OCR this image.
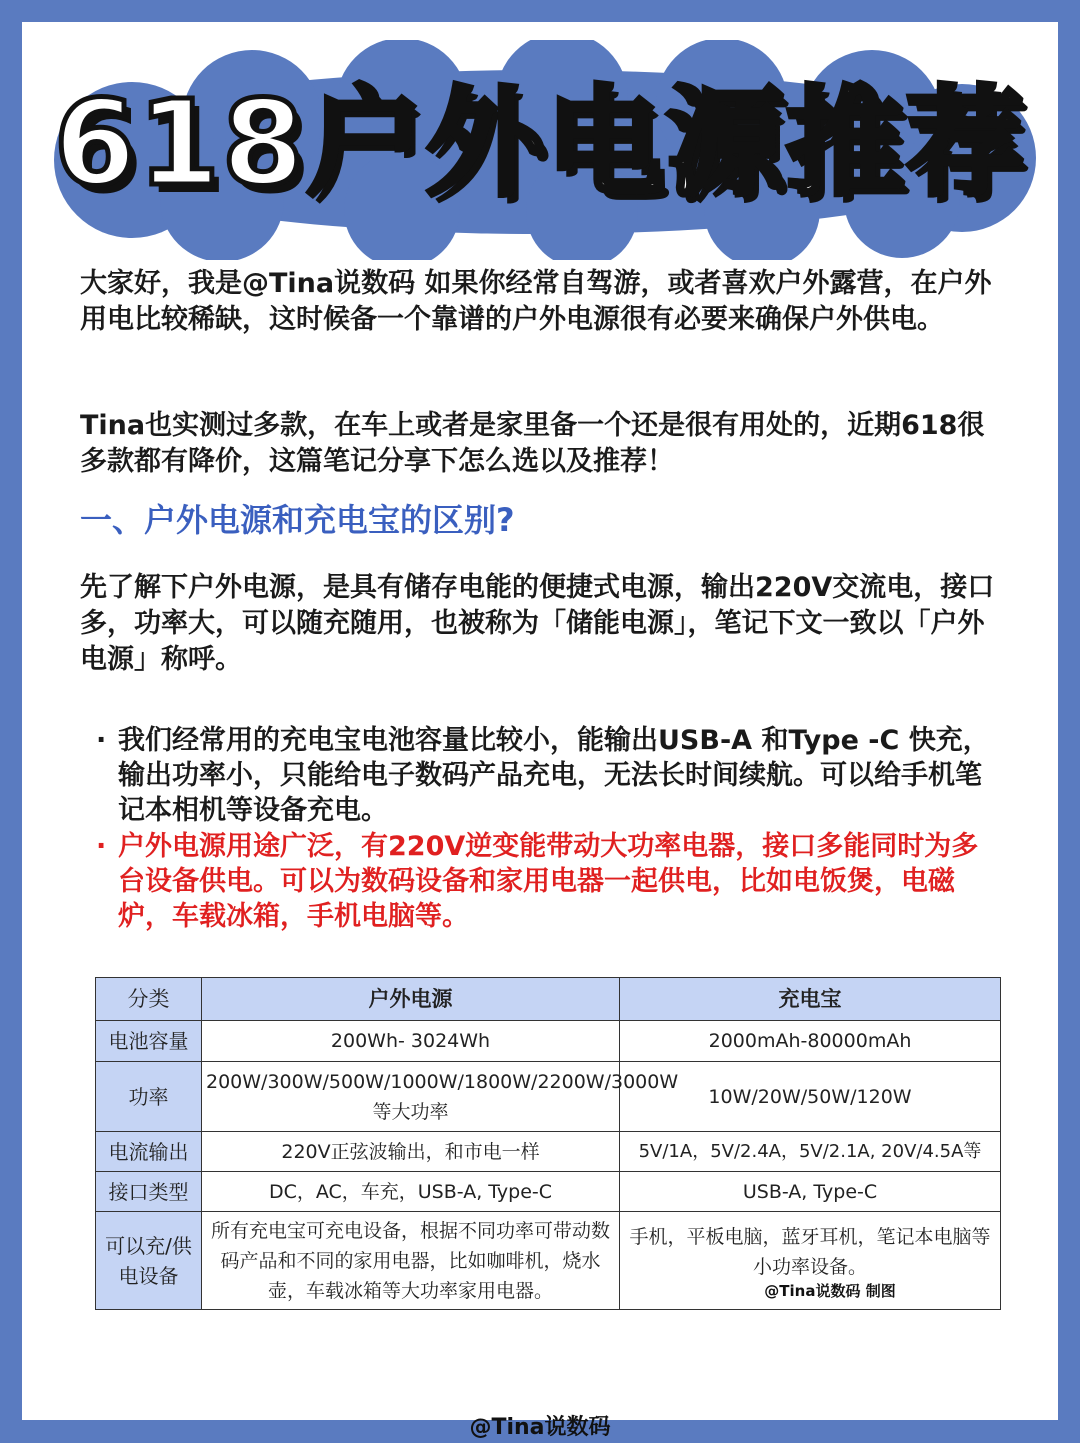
618户外电源推荐
大家好，我是@Tina说数码 如果你经常自驾游，或者喜欢户外露营，在户外用电比较稀缺，这时候备一个靠谱的户外电源很有必要来确保户外供电。
Tina也实测过多款，在车上或者是家里备一个还是很有用处的，近期618很多款都有降价，这篇笔记分享下怎么选以及推荐！
一、户外电源和充电宝的区别?
先了解下户外电源，是具有储存电能的便捷式电源，输出220V交流电，接口多，功率大，可以随充随用，也被称为「储能电源」，笔记下文一致以「户外电源」称呼。
· 我们经常用的充电宝电池容量比较小，能输出USB-A 和Type -C 快充，输出功率小，只能给电子数码产品充电，无法长时间续航。可以给手机笔记本相机等设备充电。
· 户外电源用途广泛，有220V逆变能带动大功率电器，接口多能同时为多台设备供电。可以为数码设备和家用电器一起供电，比如电饭煲，电磁炉，车载冰箱，手机电脑等。
分类	户外电源	充电宝
电池容量	200Wh- 3024Wh	2000mAh-80000mAh
功率	200W/300W/500W/1000W/1800W/2200W/3000W等大功率	10W/20W/50W/120W
电流输出	220V正弦波输出，和市电一样	5V/1A，5V/2.4A，5V/2.1A, 20V/4.5A等
接口类型	DC，AC，车充，USB-A, Type-C	USB-A, Type-C
可以充/供电设备	所有充电宝可充电设备，根据不同功率可带动数码产品和不同的家用电器，比如咖啡机，烧水壶，车载冰箱等大功率家用电器。	手机，平板电脑，蓝牙耳机，笔记本电脑等小功率设备。
@Tina说数码 制图
@Tina说数码
